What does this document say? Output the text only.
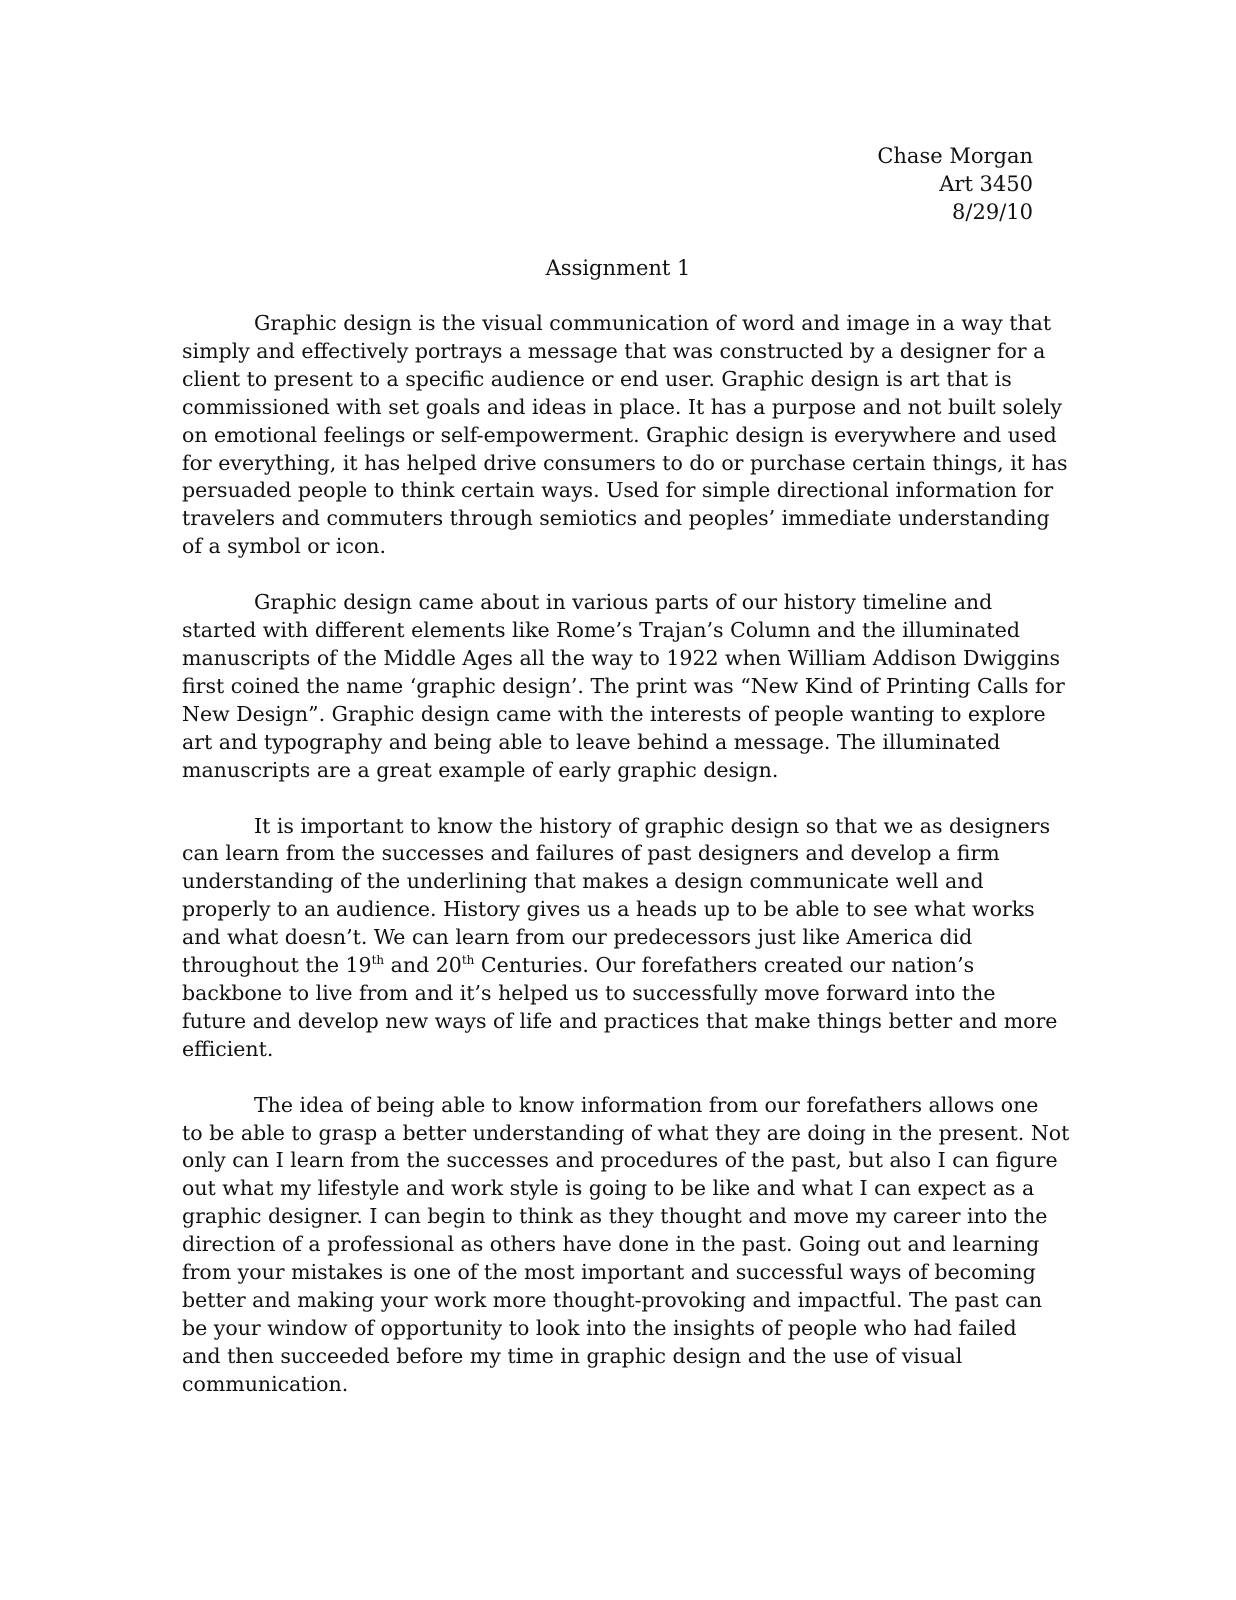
Chase Morgan
Art 3450
8/29/10
Assignment 1

Graphic design is the visual communication of word and image in a way that
simply and effectively portrays a message that was constructed by a designer for a
client to present to a specific audience or end user. Graphic design is art that is
commissioned with set goals and ideas in place. It has a purpose and not built solely
on emotional feelings or self-empowerment. Graphic design is everywhere and used
for everything, it has helped drive consumers to do or purchase certain things, it has
persuaded people to think certain ways. Used for simple directional information for
travelers and commuters through semiotics and peoples’ immediate understanding
of a symbol or icon.

Graphic design came about in various parts of our history timeline and
started with different elements like Rome’s Trajan’s Column and the illuminated
manuscripts of the Middle Ages all the way to 1922 when William Addison Dwiggins
first coined the name ‘graphic design’. The print was “New Kind of Printing Calls for
New Design”. Graphic design came with the interests of people wanting to explore
art and typography and being able to leave behind a message. The illuminated
manuscripts are a great example of early graphic design.

It is important to know the history of graphic design so that we as designers
can learn from the successes and failures of past designers and develop a firm
understanding of the underlining that makes a design communicate well and
properly to an audience. History gives us a heads up to be able to see what works
and what doesn’t. We can learn from our predecessors just like America did
throughout the 19th and 20th Centuries. Our forefathers created our nation’s
backbone to live from and it’s helped us to successfully move forward into the
future and develop new ways of life and practices that make things better and more
efficient.

The idea of being able to know information from our forefathers allows one
to be able to grasp a better understanding of what they are doing in the present. Not
only can I learn from the successes and procedures of the past, but also I can figure
out what my lifestyle and work style is going to be like and what I can expect as a
graphic designer. I can begin to think as they thought and move my career into the
direction of a professional as others have done in the past. Going out and learning
from your mistakes is one of the most important and successful ways of becoming
better and making your work more thought-provoking and impactful. The past can
be your window of opportunity to look into the insights of people who had failed
and then succeeded before my time in graphic design and the use of visual
communication.
